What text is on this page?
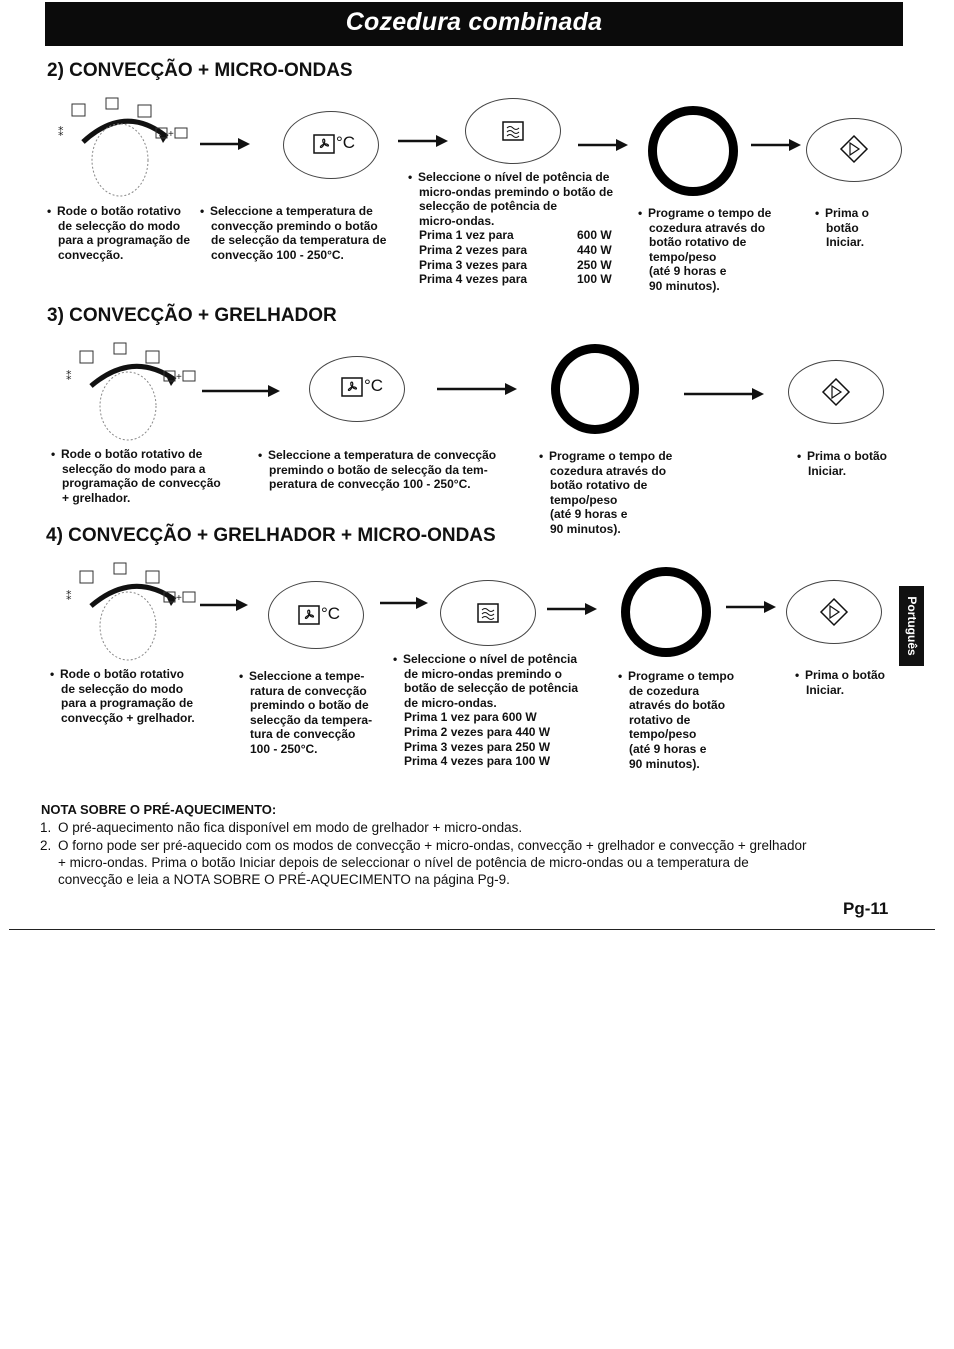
Cozedura combinada
2) CONVECÇÃO + MICRO-ONDAS
3) CONVECÇÃO + GRELHADOR
4) CONVECÇÃO + GRELHADOR + MICRO-ONDAS
⁑	+	°C
• Rode o botão rotativo
de selecção do modo
para a programação de
convecção.
• Seleccione a temperatura de
convecção premindo o botão
de selecção da temperatura de
convecção 100 - 250°C.
• Seleccione o nível de potência de
micro-ondas premindo o botão de
selecção de potência de
micro-ondas.
Prima 1 vez para	600 W
Prima 2 vezes para	440 W
Prima 3 vezes para	250 W
Prima 4 vezes para	100 W
• Programe o tempo de
cozedura através do
botão rotativo de
tempo/peso
(até 9 horas e
90 minutos).
• Prima o
botão
Iniciar.
⁑	+	°C
• Rode o botão rotativo de
selecção do modo para a
programação de convecção
+ grelhador.
• Seleccione a temperatura de convecção
premindo o botão de selecção da tem-
peratura de convecção 100 - 250°C.
• Programe o tempo de
cozedura através do
botão rotativo de
tempo/peso
(até 9 horas e
90 minutos).
• Prima o botão
Iniciar.
⁑	+
°C
• Rode o botão rotativo
de selecção do modo
para a programação de
convecção + grelhador.
• Seleccione a tempe-
ratura de convecção
premindo o botão de
selecção da tempera-
tura de convecção
100 - 250°C.
• Seleccione o nível de potência
de micro-ondas premindo o
botão de selecção de potência
de micro-ondas.
Prima 1 vez para 600 W
Prima 2 vezes para 440 W
Prima 3 vezes para 250 W
Prima 4 vezes para 100 W
• Programe o tempo
de cozedura
através do botão
rotativo de
tempo/peso
(até 9 horas e
90 minutos).
• Prima o botão
Iniciar.
Português
NOTA SOBRE O PRÉ-AQUECIMENTO:
1. O pré-aquecimento não fica disponível em modo de grelhador + micro-ondas.
2. O forno pode ser pré-aquecido com os modos de convecção + micro-ondas, convecção + grelhador e convecção + grelhador
+ micro-ondas. Prima o botão Iniciar depois de seleccionar o nível de potência de micro-ondas ou a temperatura de
convecção e leia a NOTA SOBRE O PRÉ-AQUECIMENTO na página Pg-9.
Pg-11
